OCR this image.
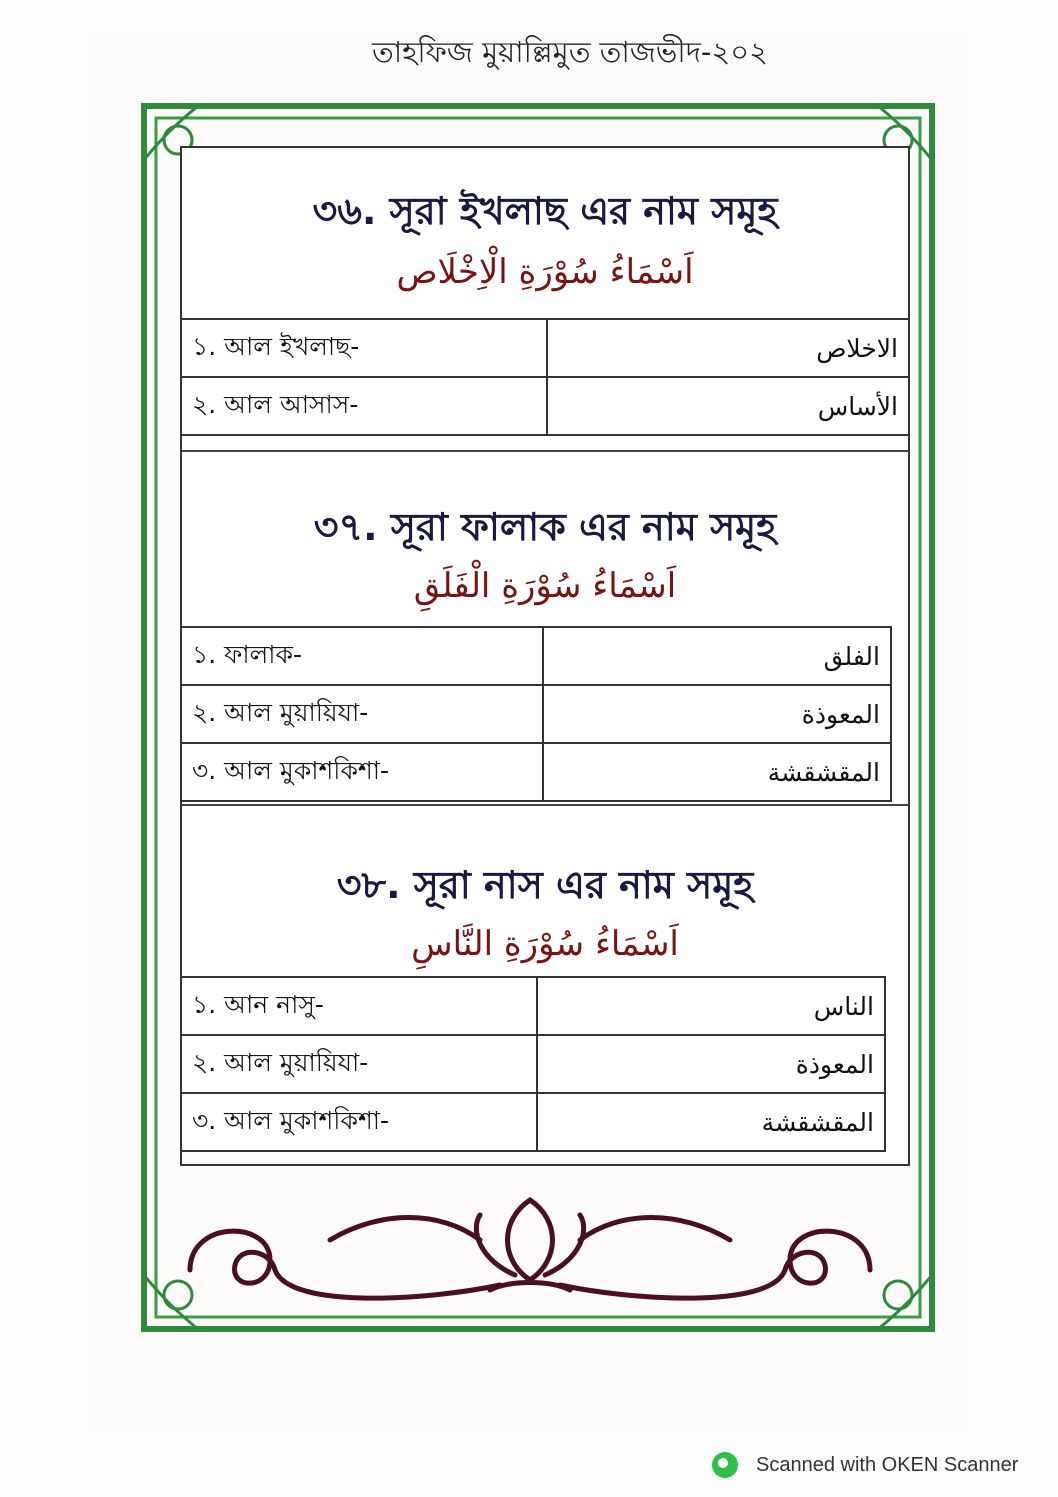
তাহফিজ মুয়াল্লিমুত তাজভীদ-২০২
৩৬. সূরা ইখলাছ এর নাম সমূহ
اَسْمَاءُ سُوْرَةِ الْاِخْلَاص
১. আল ইখলাছ-	الاخلاص
২. আল আসাস-	الأساس
৩৭. সূরা ফালাক এর নাম সমূহ
اَسْمَاءُ سُوْرَةِ الْفَلَقِ
১. ফালাক-	الفلق
২. আল মুয়ায়িযা-	المعوذة
৩. আল মুকাশকিশা-	المقشقشة
৩৮. সূরা নাস এর নাম সমূহ
اَسْمَاءُ سُوْرَةِ النَّاسِ
১. আন নাসু-	الناس
২. আল মুয়ায়িযা-	المعوذة
৩. আল মুকাশকিশা-	المقشقشة
Scanned with OKEN Scanner
